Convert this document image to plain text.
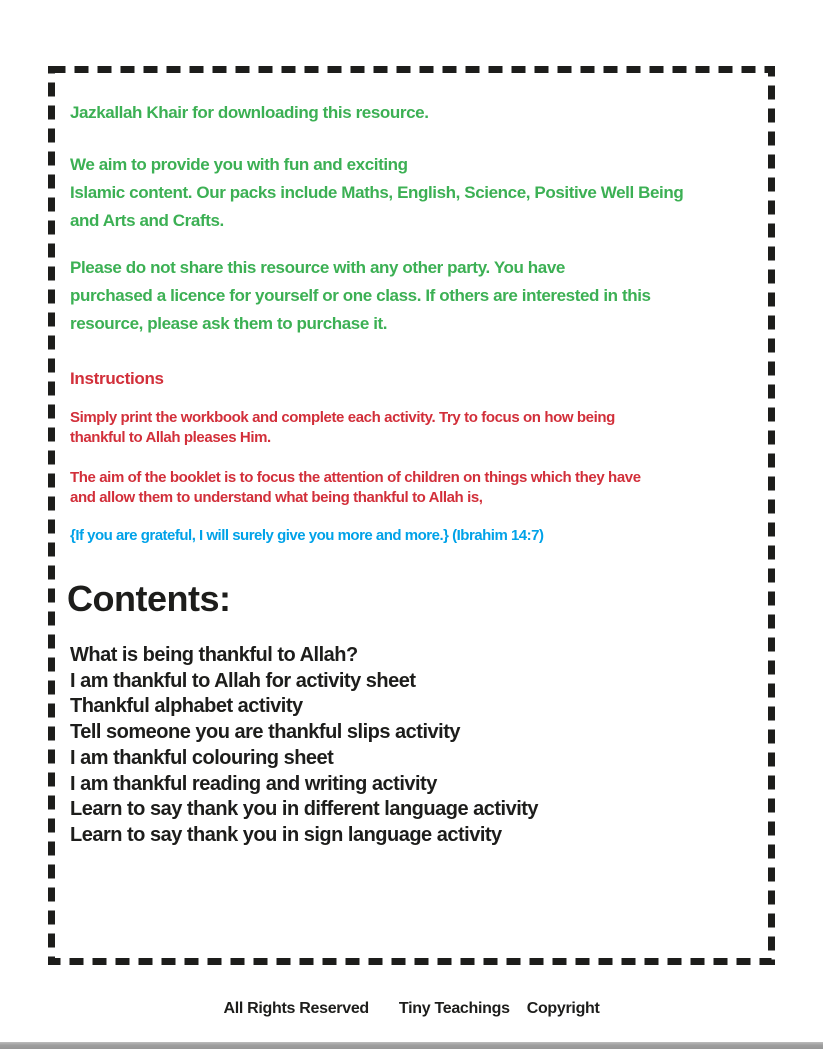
Jazkallah Khair for downloading this resource.
We aim to provide you with fun and exciting
Islamic content. Our packs include Maths, English, Science, Positive Well Being
and Arts and Crafts.
Please do not share this resource with any other party. You have
purchased a licence for yourself or one class. If others are interested in this
resource, please ask them to purchase it.
Instructions
Simply print the workbook and complete each activity. Try to focus on how being
thankful to Allah pleases Him.
The aim of the booklet is to focus the attention of children on things which they have
and allow them to understand what being thankful to Allah is,
{If you are grateful, I will surely give you more and more.} (Ibrahim 14:7)
Contents:
What is being thankful to Allah?
I am thankful to Allah for activity sheet
Thankful alphabet activity
Tell someone you are thankful slips activity
I am thankful colouring sheet
I am thankful reading and writing activity
Learn to say thank you in different language activity
Learn to say thank you in sign language activity
All Rights Reserved Tiny Teachings Copyright
